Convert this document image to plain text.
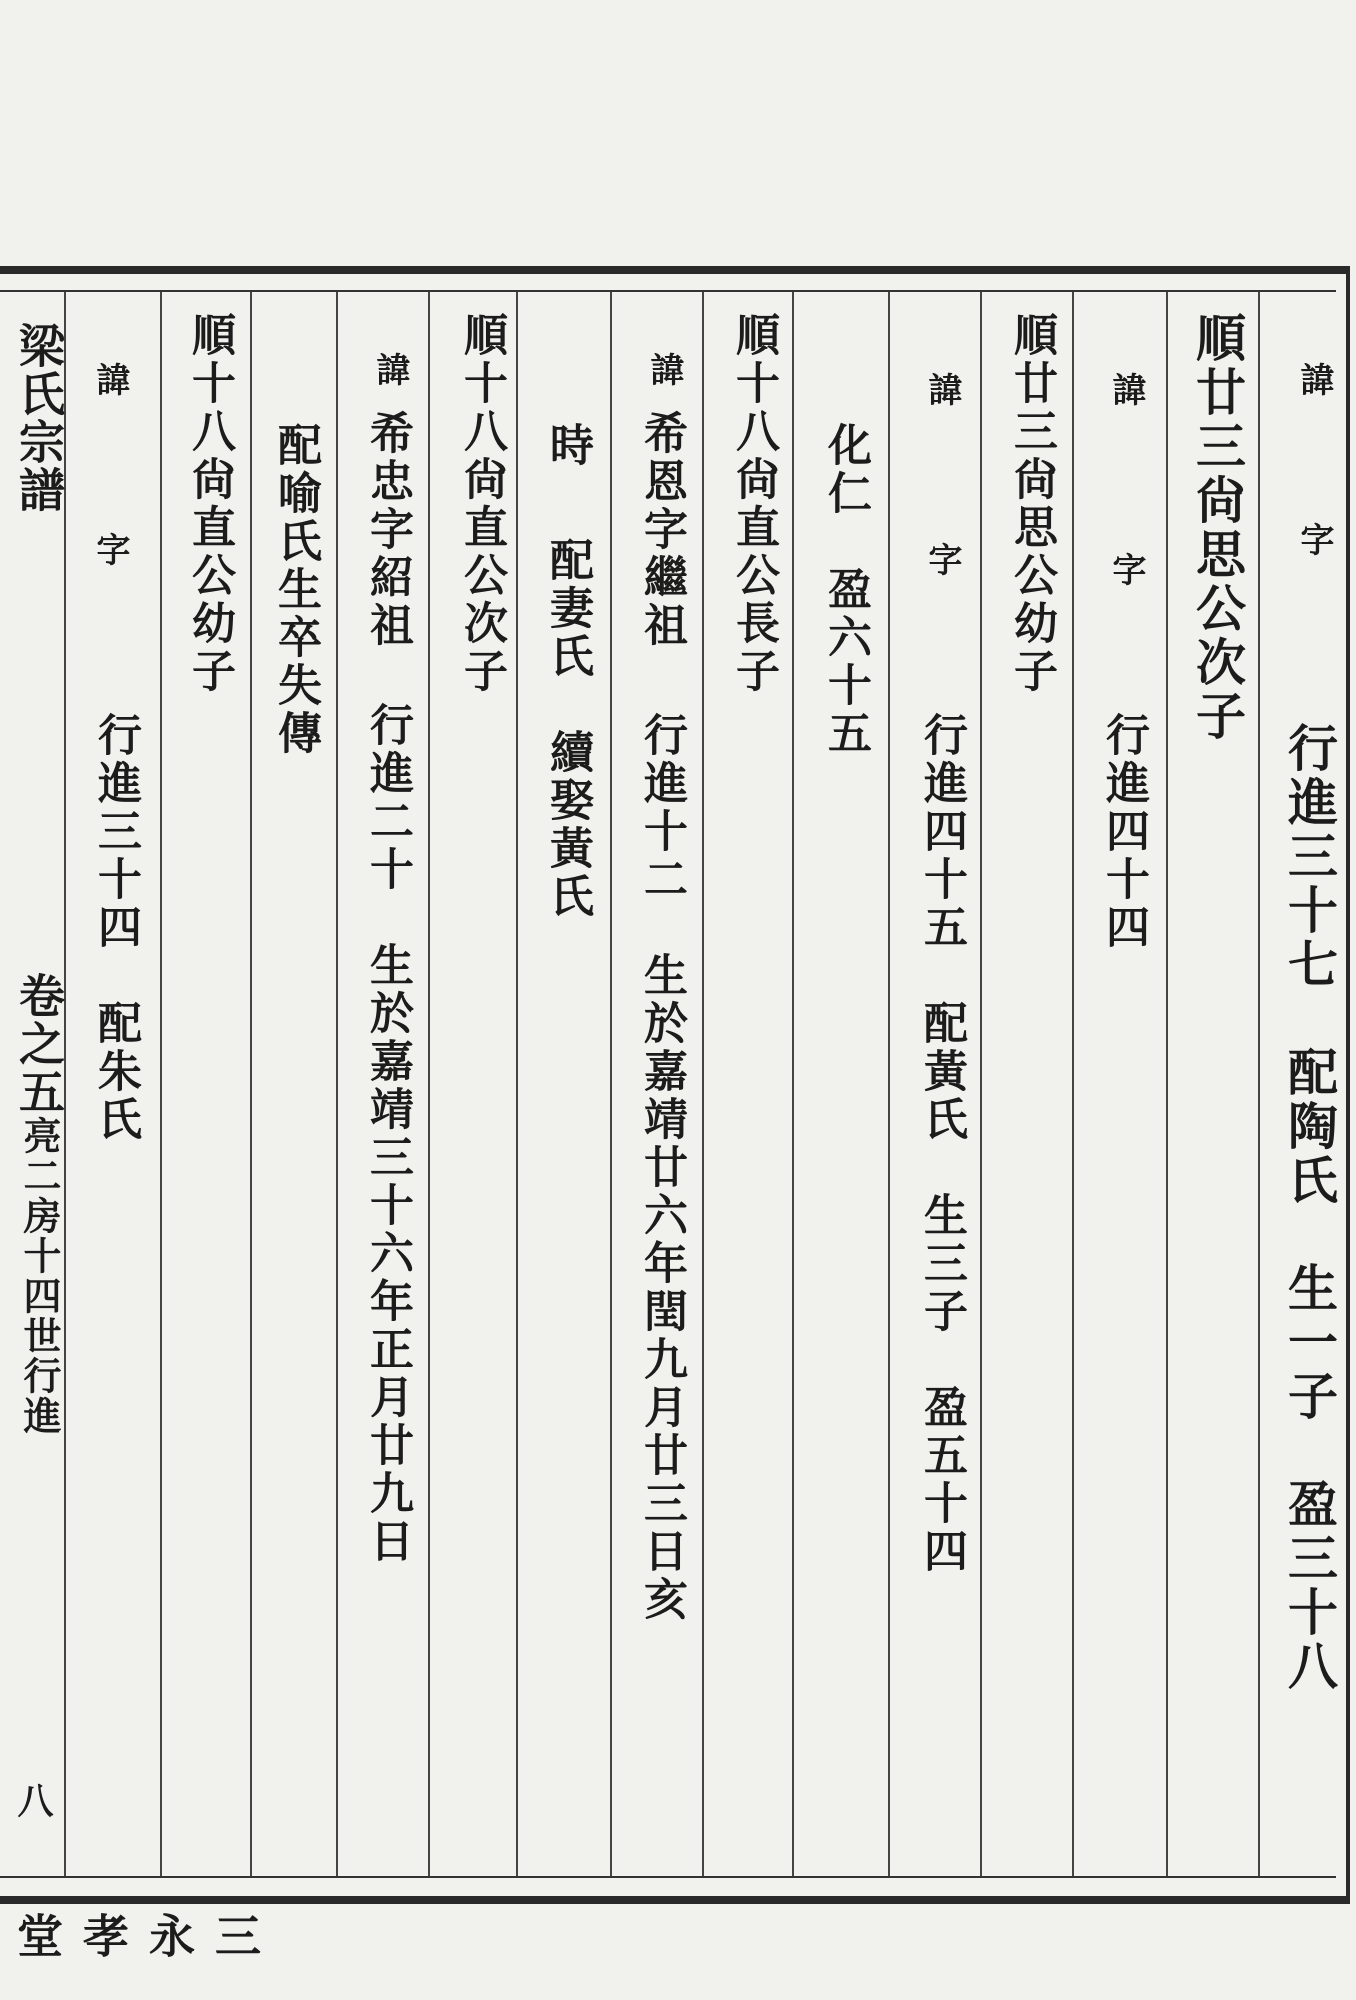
梁氏宗譜
卷之五亮二房十四世行進
八
三永孝堂
諱
字
行進三十七　配陶氏　生一子　盈三十八
順廿三尙思公次子
諱
字
行進四十四
順廿三尙思公幼子
諱
字
行進四十五　配黃氏　生三子　盈五十四
化仁　盈六十五
順十八尙直公長子
諱
希恩字繼祖
行進十二　生於嘉靖廿六年閏九月廿三日亥
時
配妻氏　續娶黃氏
順十八尙直公次子
諱
希忠字紹祖
行進二十　生於嘉靖三十六年正月廿九日
配喻氏生卒失傳
順十八尙直公幼子
諱
字
行進三十四　配朱氏
